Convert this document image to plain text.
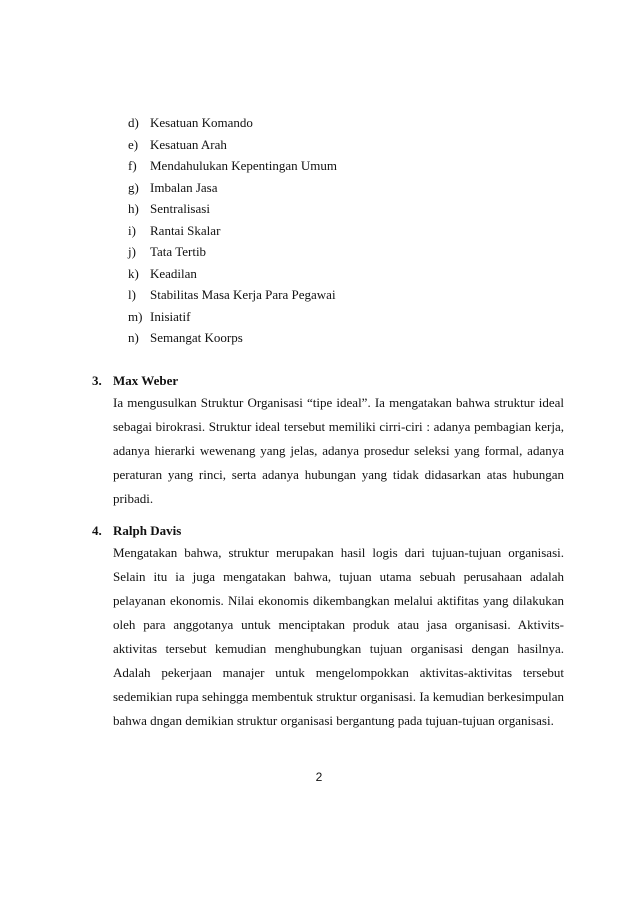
d) Kesatuan Komando
e) Kesatuan Arah
f) Mendahulukan Kepentingan Umum
g) Imbalan Jasa
h) Sentralisasi
i) Rantai Skalar
j) Tata Tertib
k) Keadilan
l) Stabilitas Masa Kerja Para Pegawai
m) Inisiatif
n) Semangat Koorps
3. Max Weber

Ia mengusulkan Struktur Organisasi “tipe ideal”. Ia mengatakan bahwa struktur ideal sebagai birokrasi. Struktur ideal tersebut memiliki cirri-ciri : adanya pembagian kerja, adanya hierarki wewenang yang jelas, adanya prosedur seleksi yang formal, adanya peraturan yang rinci, serta adanya hubungan yang tidak didasarkan atas hubungan pribadi.

4. Ralph Davis

Mengatakan bahwa, struktur merupakan hasil logis dari tujuan-tujuan organisasi. Selain itu ia juga mengatakan bahwa, tujuan utama sebuah perusahaan adalah pelayanan ekonomis. Nilai ekonomis dikembangkan melalui aktifitas yang dilakukan oleh para anggotanya untuk menciptakan produk atau jasa organisasi. Aktivits-aktivitas tersebut kemudian menghubungkan tujuan organisasi dengan hasilnya. Adalah pekerjaan manajer untuk mengelompokkan aktivitas-aktivitas tersebut sedemikian rupa sehingga membentuk struktur organisasi. Ia kemudian berkesimpulan bahwa dngan demikian struktur organisasi bergantung pada tujuan-tujuan organisasi.

2
